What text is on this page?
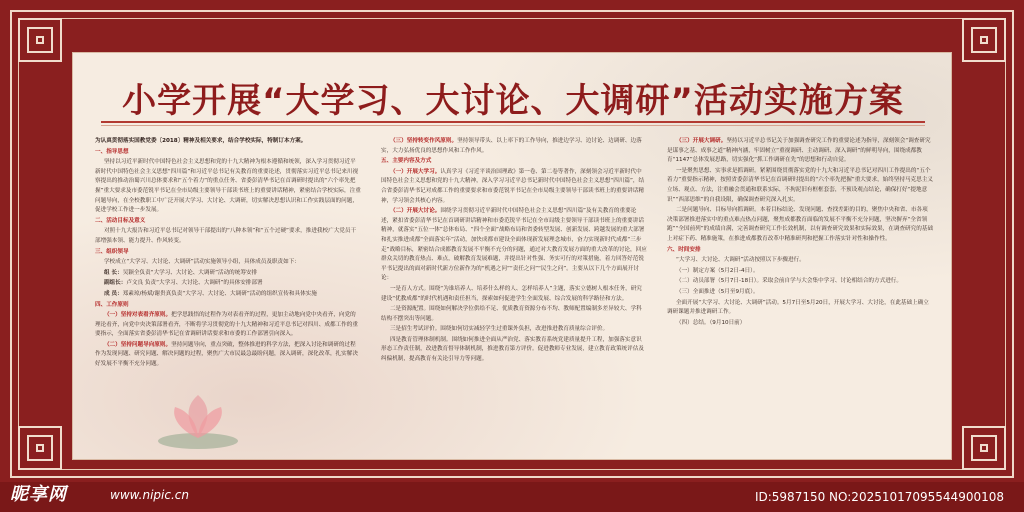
小学开展“大学习、大讨论、大调研”活动实施方案

为认真贯彻落实国教党委〔2018〕精神及相关要求，结合学校实际，特制订本方案。

一、指导思想

坚持以习近平新时代中国特色社会主义思想和党的十九大精神为根本遵循和统领，深入学习贯彻习近平新时代中国特色社会主义思想“四川篇”和习近平总书记有关教育的重要论述，贯彻落实习近平总书记来川视察提出的推动治蜀兴川总体要求和“五个着力”的重点任务、省委彭清华书记在首调研时提出的“六个率先把握”重大要求及市委范锐平书记在全市局级主要领导干部读书班上的重要讲话精神，紧密结合学校实际，注重问题导向，在全校教职工中广泛开展大学习、大讨论、大调研，切实解决思想认识和工作实践层面的问题，促进学校工作进一步发展。

二、活动目标及意义

对照十九大报告和习近平总书记对领导干部提出的“八种本领”和“五个过硬”要求，推进我校广大党员干部增强本领、能力提升、作风转变。

三、组织领导

学校成立“大学习、大讨论、大调研”活动实施领导小组，具体成员及职责如下：

组 长：吴颖全负责“大学习、大讨论、大调研”活动的统筹安排

副组长：卢文良 负责“大学习、大讨论、大调研”的具体安排部署

成 员：郑素琼/杨斌/谢贵真负责“大学习、大讨论、大调研”活动的组织宣传和具体实施

四、工作原则

（一）坚持对表看齐原则。把学思践悟的过程作为对表看齐的过程，更加主动地向党中央看齐，向党的理论看齐，向党中央决策部署看齐，不断将学习贯彻党的十九大精神和习近平总书记对四川、成都工作的重要指示，全面落实省委彭清华书记在省调研讲话要求和市委的工作部署引向深入。

（二）坚持问题导向原则。坚持问题导向，重点突破，整体推进的科学方法，把深入讨论和调研的过程作为发现问题、研究问题、解决问题的过程，聚焦广大市民最急最盼问题，深入调研，深化改革，扎实解决好发展不平衡不充分问题。

（三）坚持转变作风原则。坚持领导带头、以上率下的工作导向，推进边学习、边讨论、边调研、边落实，大力弘扬优良的思想作风和工作作风。

五、主要内容及方式

（一）开展大学习。认真学习《习近平谈治国理政》第一卷、第二卷等著作，深刻领会习近平新时代中国特色社会主义思想和党的十九大精神，深入学习习近平总书记新时代中国特色社会主义思想“四川篇”，结合省委彭清华书记对成都工作的重要要求和市委范锐平书记在全市局级主要领导干部读书班上的重要讲话精神，学习领会其核心内容。

（二）开展大讨论。围绕学习贯彻习近平新时代中国特色社会主义思想“四川篇”及有关教育的重要论述，紧扣省委彭清华书记在首调研讲话精神和市委范锐平书记在全市局级主要领导干部读书班上的重要讲话精神，就落实“五位一体”总体布局、“四个全面”战略布局和省委转型发展、创新发展、跨越发展的重大部署和扎实推进成都“全面落实年”活动，加快成都市建设全面体现新发展理念城市，奋力实现新时代成都“三步走”战略目标，紧密结合成都教育发展不平衡不充分的问题，通过对大教育发展方面的重大改革的讨论，回应群众关切的教育热点、难点，破解教育发展难题，并提出针对性强、务实可行的对策措施，着力回答好范锐平书记提出的面对新时代新方位新作为的“机遇之问”“责任之问”“民生之问”。主要从以下几个方面展开讨论：

一是育人方式。围绕“为谁培养人、培养什么样的人、怎样培养人”主题，落实立德树人根本任务，研究建设“优教成都”的时代机遇和责任担当，探索如何促进学生全面发展、综合发展的科学路径和方法。

二是资源配置。围绕如何解决学位供给不足、优质教育资源分布不均、教师配置编制多差异较大、学科结构不摆突出等问题。

三是招生考试评价。围绕如何切实减轻学生过重课外负担，改进推进教育质量综合评价。

四是教育管理体制机制。围绕如何推进全面从严治党、落实教育系统党建质量提升工程，加强落实意识形态工作责任制，改进教育督导体制机制，推进教育第方评价。促进教师专业发展，建立教育政策统评估及纠偏机制，提高教育有关论引导力等问题。

（三）开展大调研。坚持以习近平总书记关于加强调查研究工作的重要论述为指导，深刻领会“调查研究是谋事之基、成事之道”精神内涵，牢固树立“重视调研、主动调研、深入调研”的鲜明导向，围绕成都教育“1147”总体发展思路，切实强化“抓工作调研在先”的思想和行动自觉。

一是聚焦思想、实事求是抓调研。紧紧围绕贯彻落实党的十九大和习近平总书记对四川工作提出的“五个着力”重要指示精神，按照省委彭清华书记在首调研时提出的“六个率先把握”重大要求，始终坚持马克思主义立场、观点、方法，注重融会贯通和联系实际，不拘泥旧有框框套套，不预设观点结论，确保打好“提地意识”“西部思维”的自我设限，确保调查研究深入扎实。

二是问题导向、目标导向抓调研。本着目标结论、发现问题、查找差距的目的，聚焦中央和省、市各项决策部署推进落实中的重点难点热点问题，聚焦成都教育面临的发展不平衡不充分问题，坚决摒弃“全省领跑”“全国前列”的成绩自满，完善调查研究工作长效机制，以有调查研究效果和实际效果，在调查研究的基础上对症下药、精准施策，在推进成都教育改革中精准研判和把握工作落实针对性和操作性。

六、时间安排

“大学习、大讨论、大调研”活动按照以下步骤进行。

（一）制定方案（5月2日-4日）。

（二）动员部署（5月7日-18日）。采取会前自学与大会集中学习、讨论相结合的方式进行。

（三）全面推进（5月至9月底）。

全面开展“大学习、大讨论、大调研”活动。5月7日至5月20日，开展大学习、大讨论，在此基础上确立调研课题并推进调研工作。

（四）总结。（9月10日前）

昵享网	www.nipic.cn	ID:5987150 NO:20251017095544900108
